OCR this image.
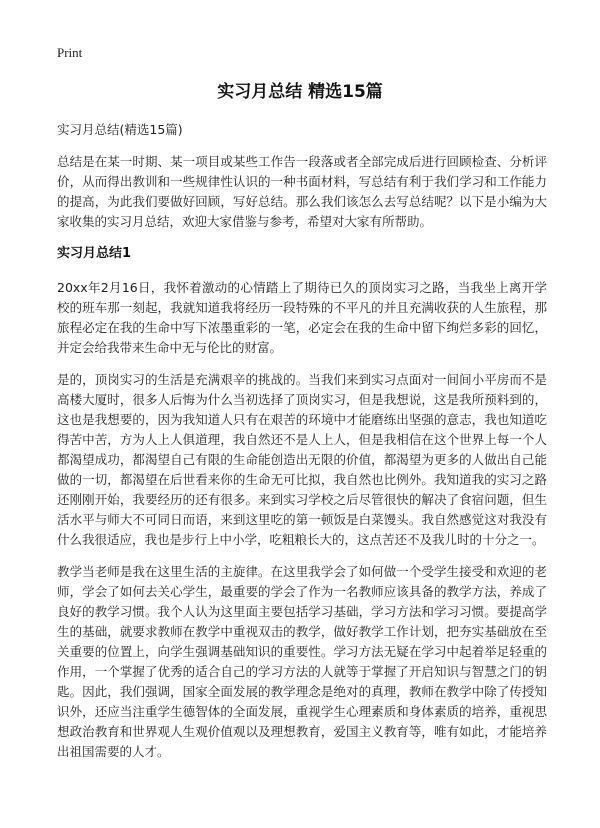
Print
实习月总结 精选15篇

实习月总结(精选15篇)

总结是在某一时期、某一项目或某些工作告一段落或者全部完成后进行回顾检查、分析评价，从而得出教训和一些规律性认识的一种书面材料，写总结有利于我们学习和工作能力的提高，为此我们要做好回顾，写好总结。那么我们该怎么去写总结呢？以下是小编为大家收集的实习月总结，欢迎大家借鉴与参考，希望对大家有所帮助。

实习月总结1

20xx年2月16日，我怀着激动的心情踏上了期待已久的顶岗实习之路，当我坐上离开学校的班车那一刻起，我就知道我将经历一段特殊的不平凡的并且充满收获的人生旅程，那旅程必定在我的生命中写下浓墨重彩的一笔，必定会在我的生命中留下绚烂多彩的回忆，并定会给我带来生命中无与伦比的财富。

是的，顶岗实习的生活是充满艰辛的挑战的。当我们来到实习点面对一间间小平房而不是高楼大厦时，很多人后悔为什么当初选择了顶岗实习，但是我想说，这是我所预料到的，这也是我想要的，因为我知道人只有在艰苦的环境中才能磨练出坚强的意志，我也知道吃得苦中苦，方为人上人俱道理，我自然还不是人上人，但是我相信在这个世界上每一个人都渴望成功，都渴望自己有限的生命能创造出无限的价值，都渴望为更多的人做出自己能做的一切，都渴望在后世看来你的生命无可比拟，我自然也比例外。我知道我的实习之路还刚刚开始，我要经历的还有很多。来到实习学校之后尽管很快的解决了食宿问题，但生活水平与师大不可同日而语，来到这里吃的第一顿饭是白菜馒头。我自然感觉这对我没有什么我很适应，我也是步行上中小学，吃粗粮长大的，这点苦还不及我儿时的十分之一。

教学当老师是我在这里生活的主旋律。在这里我学会了如何做一个受学生接受和欢迎的老师，学会了如何去关心学生，最重要的学会了作为一名教师应该具备的教学方法，养成了良好的教学习惯。我个人认为这里面主要包括学习基础，学习方法和学习习惯。要提高学生的基础，就要求教师在教学中重视双击的教学，做好教学工作计划，把夯实基础放在至关重要的位置上，向学生强调基础知识的重要性。学习方法无疑在学习中起着举足轻重的作用，一个掌握了优秀的适合自己的学习方法的人就等于掌握了开启知识与智慧之门的钥匙。因此，我们强调，国家全面发展的教学理念是绝对的真理，教师在教学中除了传授知识外，还应当注重学生德智体的全面发展，重视学生心理素质和身体素质的培养，重视思想政治教育和世界观人生观价值观以及理想教育，爱国主义教育等，唯有如此，才能培养出祖国需要的人才。
